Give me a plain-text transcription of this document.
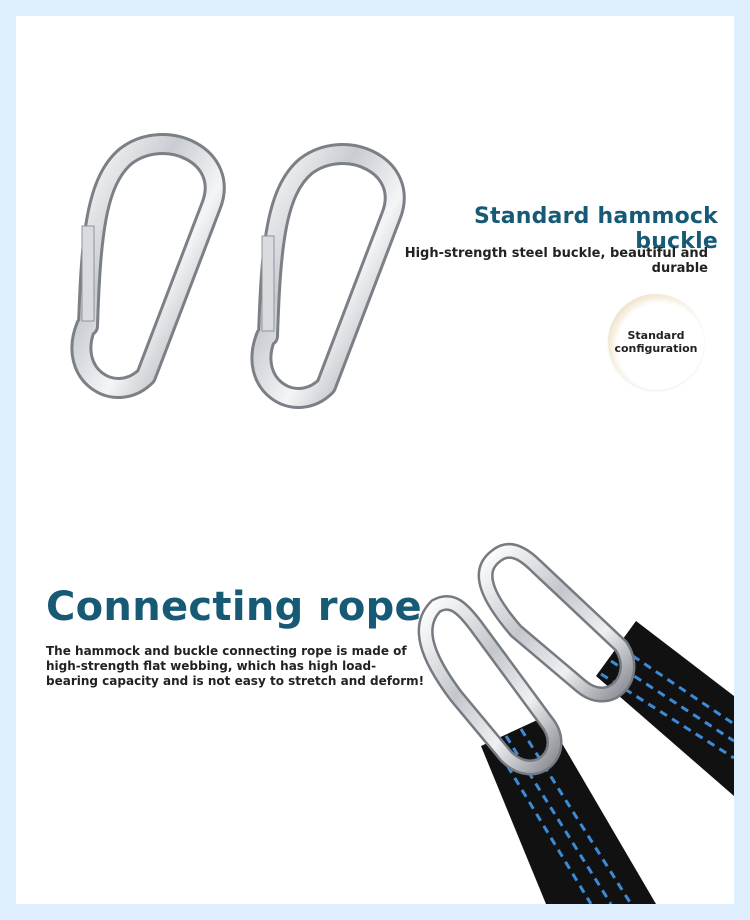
Standard hammock buckle
High-strength steel buckle, beautiful and durable
Standard
configuration
Connecting rope
The hammock and buckle connecting rope is made of high-strength flat webbing, which has high load-bearing capacity and is not easy to stretch and deform!
